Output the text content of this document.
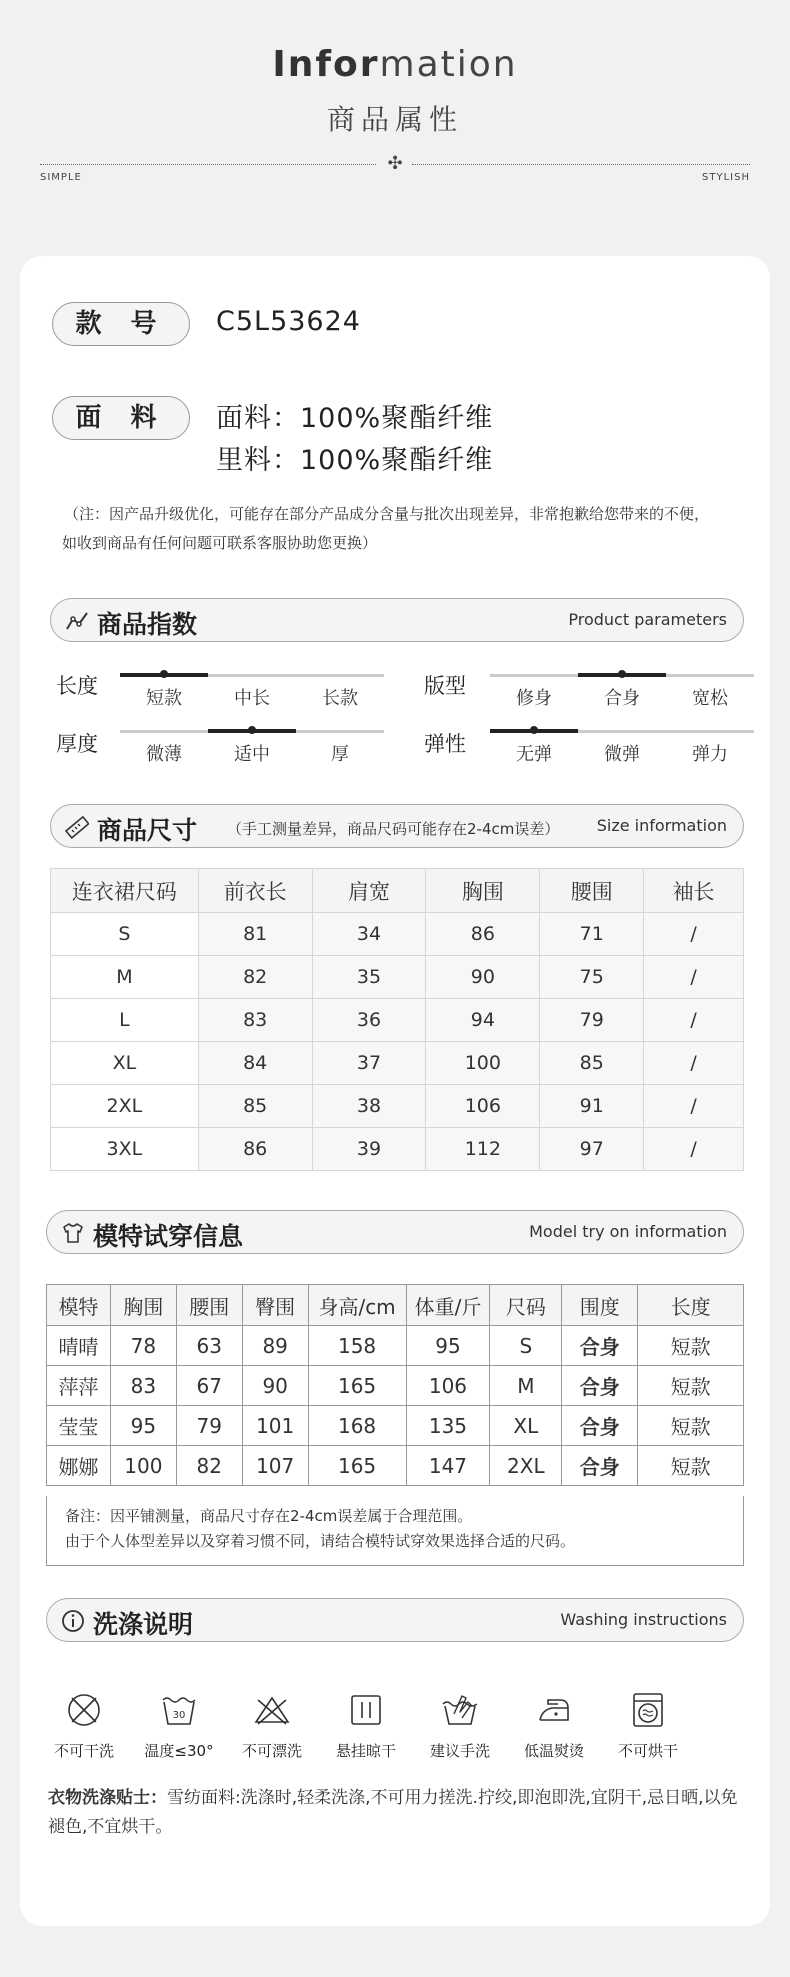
Information
商品属性
✣
SIMPLE	STYLISH
款 号	C5L53624
面 料	面料：100%聚酯纤维
里料：100%聚酯纤维
（注：因产品升级优化，可能存在部分产品成分含量与批次出现差异，非常抱歉给您带来的不便，
如收到商品有任何问题可联系客服协助您更换）
商品指数	Product parameters
长度
短款	中长	长款
版型
修身	合身	宽松
厚度	微薄	适中	厚	弹性	无弹	微弹	弹力
商品尺寸 （手工测量差异，商品尺码可能存在2-4cm误差） Size information
连衣裙尺码	前衣长	肩宽	胸围	腰围	袖长
S	81	34	86	71	/
M	82	35	90	75	/
L	83	36	94	79	/
XL	84	37	100	85	/
2XL	85	38	106	91	/
3XL	86	39	112	97	/
模特试穿信息	Model try on information
模特	胸围	腰围	臀围	身高/cm	体重/斤	尺码	围度	长度
晴晴	78	63	89	158	95	S	合身	短款
萍萍	83	67	90	165	106	M	合身	短款
莹莹	95	79	101	168	135	XL	合身	短款
娜娜	100	82	107	165	147	2XL	合身	短款
备注：因平铺测量，商品尺寸存在2-4cm误差属于合理范围。
由于个人体型差异以及穿着习惯不同，请结合模特试穿效果选择合适的尺码。
洗涤说明	Washing instructions
不可干洗
30
温度≤30°	不可漂洗	悬挂晾干	建议手洗	低温熨烫	不可烘干
衣物洗涤贴士：雪纺面料:洗涤时,轻柔洗涤,不可用力搓洗.拧绞,即泡即洗,宜阴干,忌日晒,以免褪色,不宜烘干。
